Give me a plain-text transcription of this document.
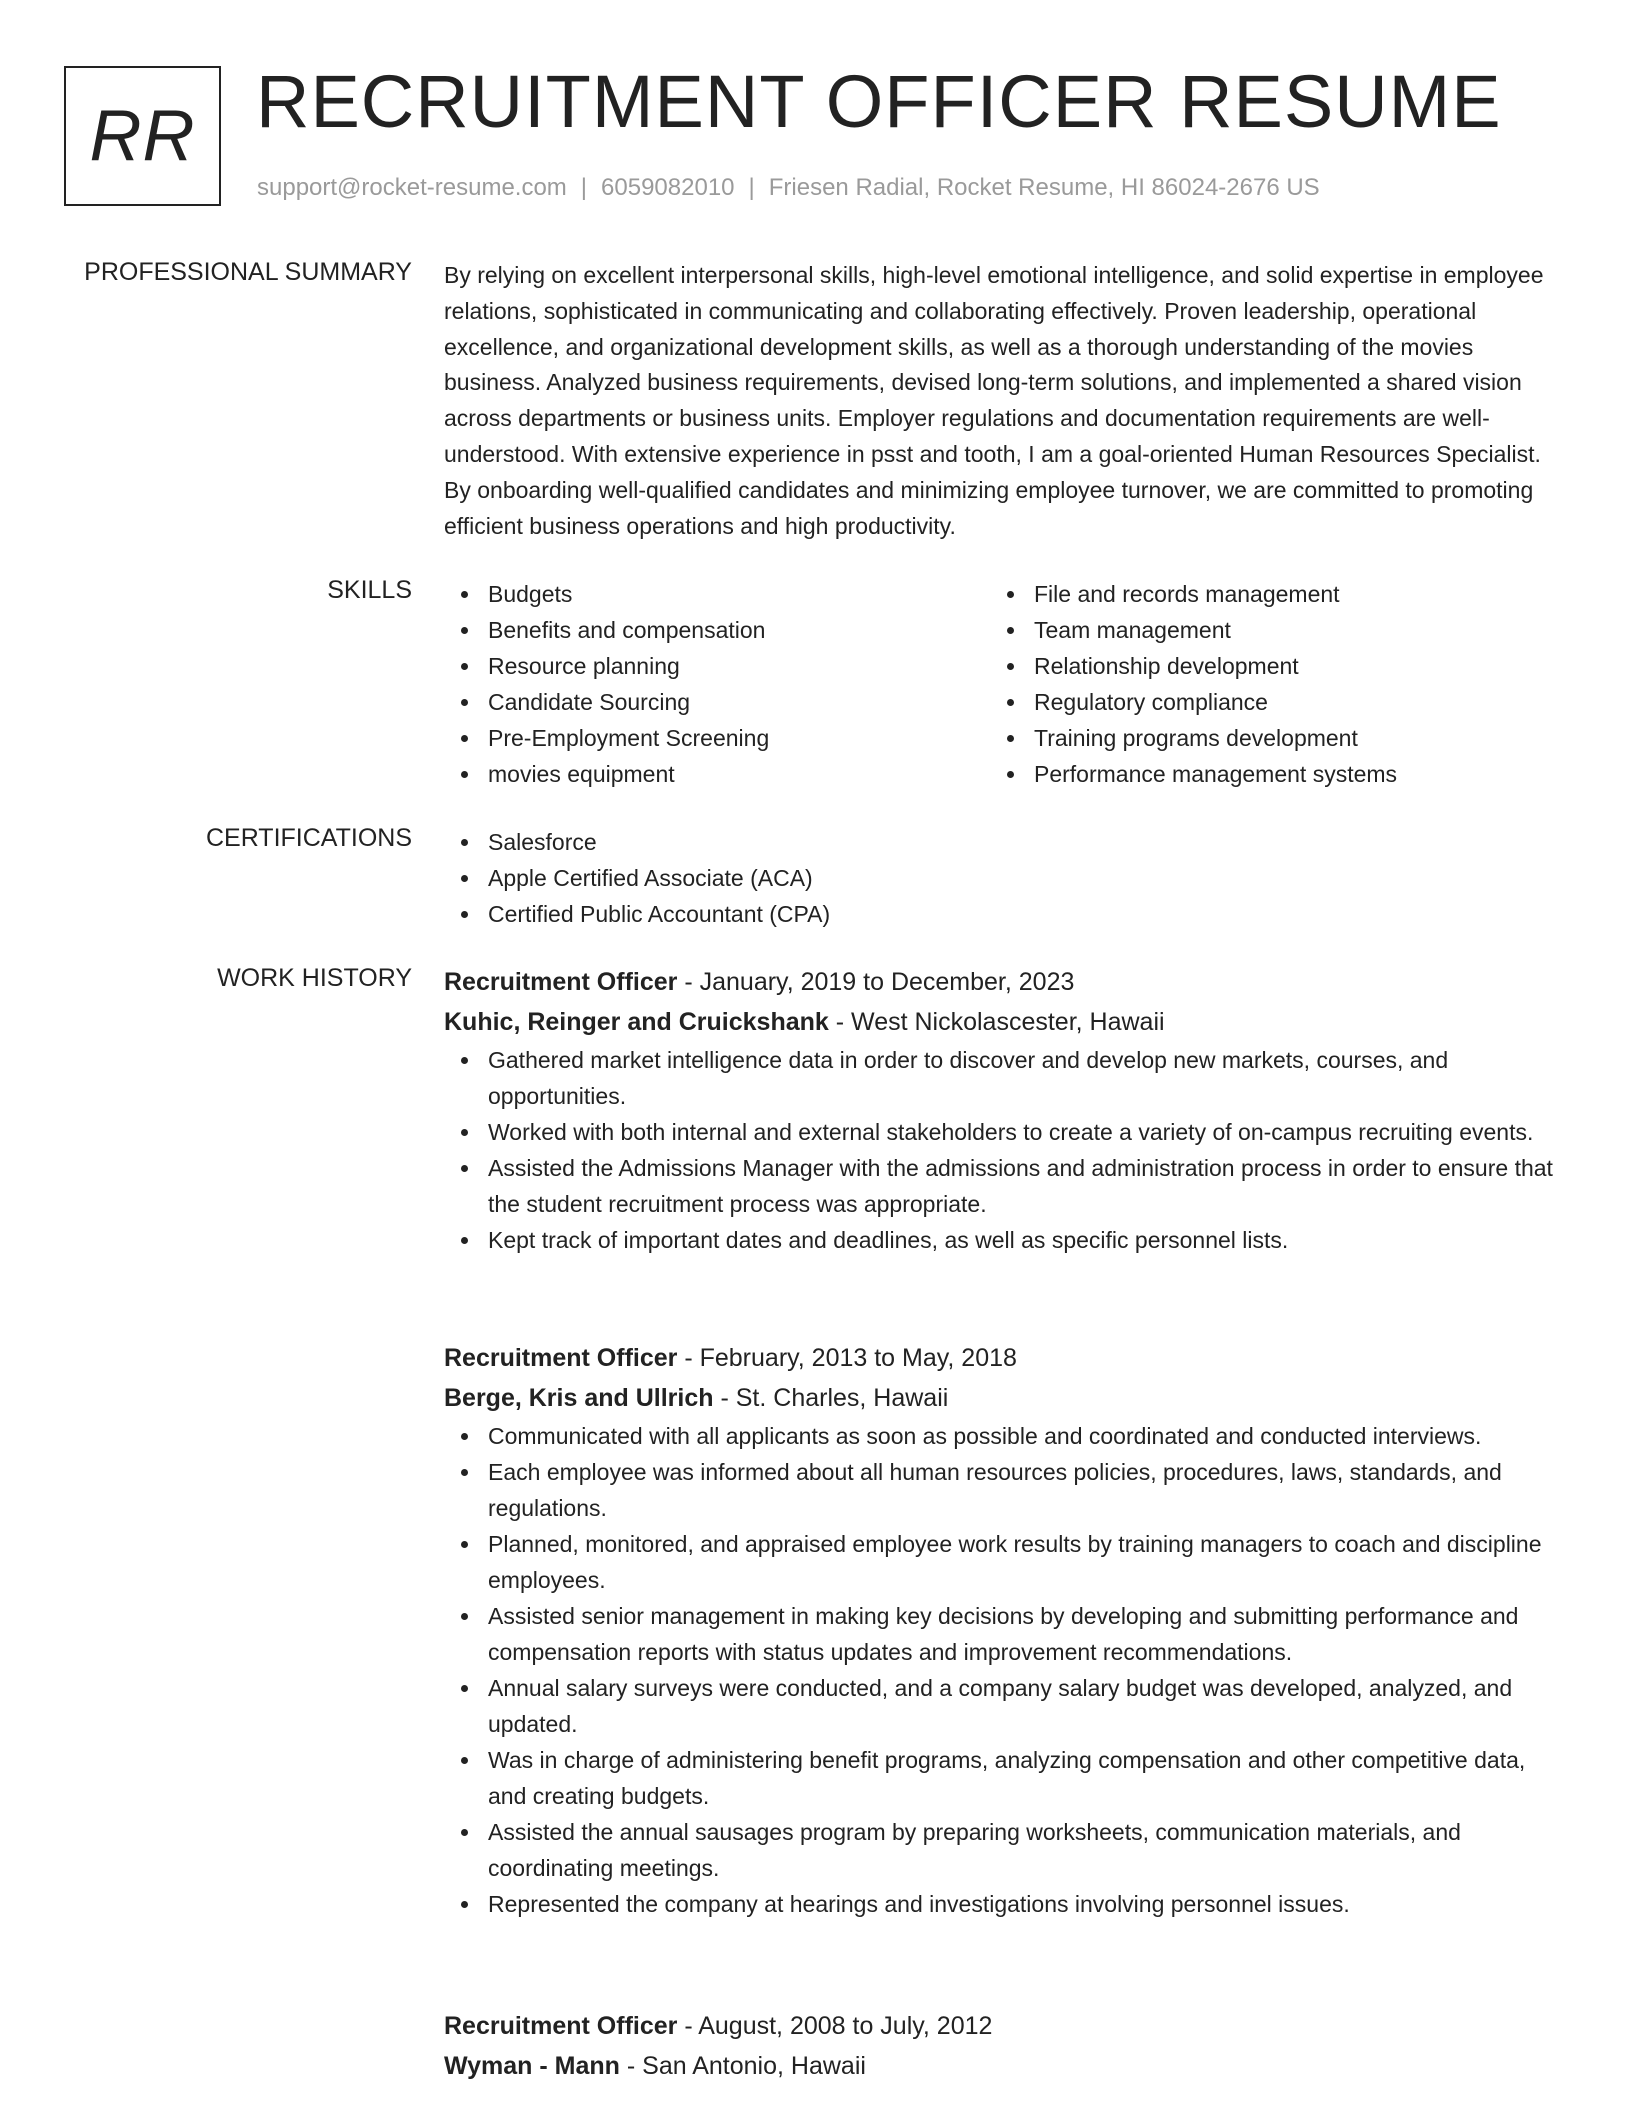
RR RECRUITMENT OFFICER RESUME
support@rocket-resume.com | 6059082010 | Friesen Radial, Rocket Resume, HI 86024-2676 US
PROFESSIONAL SUMMARY By relying on excellent interpersonal skills, high-level emotional intelligence, and solid expertise in employee relations, sophisticated in communicating and collaborating effectively. Proven leadership, operational excellence, and organizational development skills, as well as a thorough understanding of the movies business. Analyzed business requirements, devised long-term solutions, and implemented a shared vision across departments or business units. Employer regulations and documentation requirements are well-understood. With extensive experience in psst and tooth, I am a goal-oriented Human Resources Specialist. By onboarding well-qualified candidates and minimizing employee turnover, we are committed to promoting efficient business operations and high productivity.
SKILLS	Budgets
Benefits and compensation
Resource planning
Candidate Sourcing
Pre-Employment Screening
movies equipment
File and records management
Team management
Relationship development
Regulatory compliance
Training programs development
Performance management systems
CERTIFICATIONS	Salesforce
Apple Certified Associate (ACA)
Certified Public Accountant (CPA)
WORK HISTORY Recruitment Officer - January, 2019 to December, 2023
Kuhic, Reinger and Cruickshank - West Nickolascester, Hawaii
Gathered market intelligence data in order to discover and develop new markets, courses, and opportunities.
Worked with both internal and external stakeholders to create a variety of on-campus recruiting events.
Assisted the Admissions Manager with the admissions and administration process in order to ensure that the student recruitment process was appropriate.
Kept track of important dates and deadlines, as well as specific personnel lists.
Recruitment Officer - February, 2013 to May, 2018
Berge, Kris and Ullrich - St. Charles, Hawaii
Communicated with all applicants as soon as possible and coordinated and conducted interviews.
Each employee was informed about all human resources policies, procedures, laws, standards, and regulations.
Planned, monitored, and appraised employee work results by training managers to coach and discipline employees.
Assisted senior management in making key decisions by developing and submitting performance and compensation reports with status updates and improvement recommendations.
Annual salary surveys were conducted, and a company salary budget was developed, analyzed, and updated.
Was in charge of administering benefit programs, analyzing compensation and other competitive data, and creating budgets.
Assisted the annual sausages program by preparing worksheets, communication materials, and coordinating meetings.
Represented the company at hearings and investigations involving personnel issues.
Recruitment Officer - August, 2008 to July, 2012
Wyman - Mann - San Antonio, Hawaii
